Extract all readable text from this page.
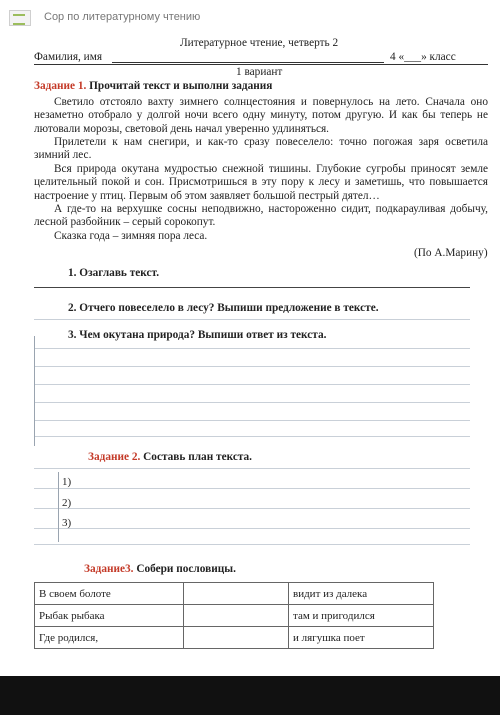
Сор по литературному чтению
Литературное чтение, четверть 2
Фамилия, имя	4 «___» класс
1 вариант
Задание 1. Прочитай текст и выполни задания
Светило отстояло вахту зимнего солнцестояния и повернулось на лето. Сначала оно незаметно отобрало у долгой ночи всего одну минуту, потом другую. И как бы теперь не лютовали морозы, световой день начал уверенно удлиняться.
Прилетели к нам снегири, и как-то сразу повеселело: точно погожая заря осветила зимний лес.
Вся природа окутана мудростью снежной тишины. Глубокие сугробы приносят земле целительный покой и сон. Присмотришься в эту пору к лесу и заметишь, что повышается настроение у птиц. Первым об этом заявляет большой пестрый дятел…
А где-то на верхушке сосны неподвижно, настороженно сидит, подкарауливая добычу, лесной разбойник – серый сорокопут.
Сказка года – зимняя пора леса.
(По А.Марину)
1. Озаглавь текст.
2. Отчего повеселело в лесу? Выпиши предложение в тексте.
3. Чем окутана природа? Выпиши ответ из текста.
Задание 2. Составь план текста.
1)
2)
3)
Задание3. Собери пословицы.
В своем болоте		видит из далека
Рыбак рыбака		там и пригодился
Где родился,		и лягушка поет
